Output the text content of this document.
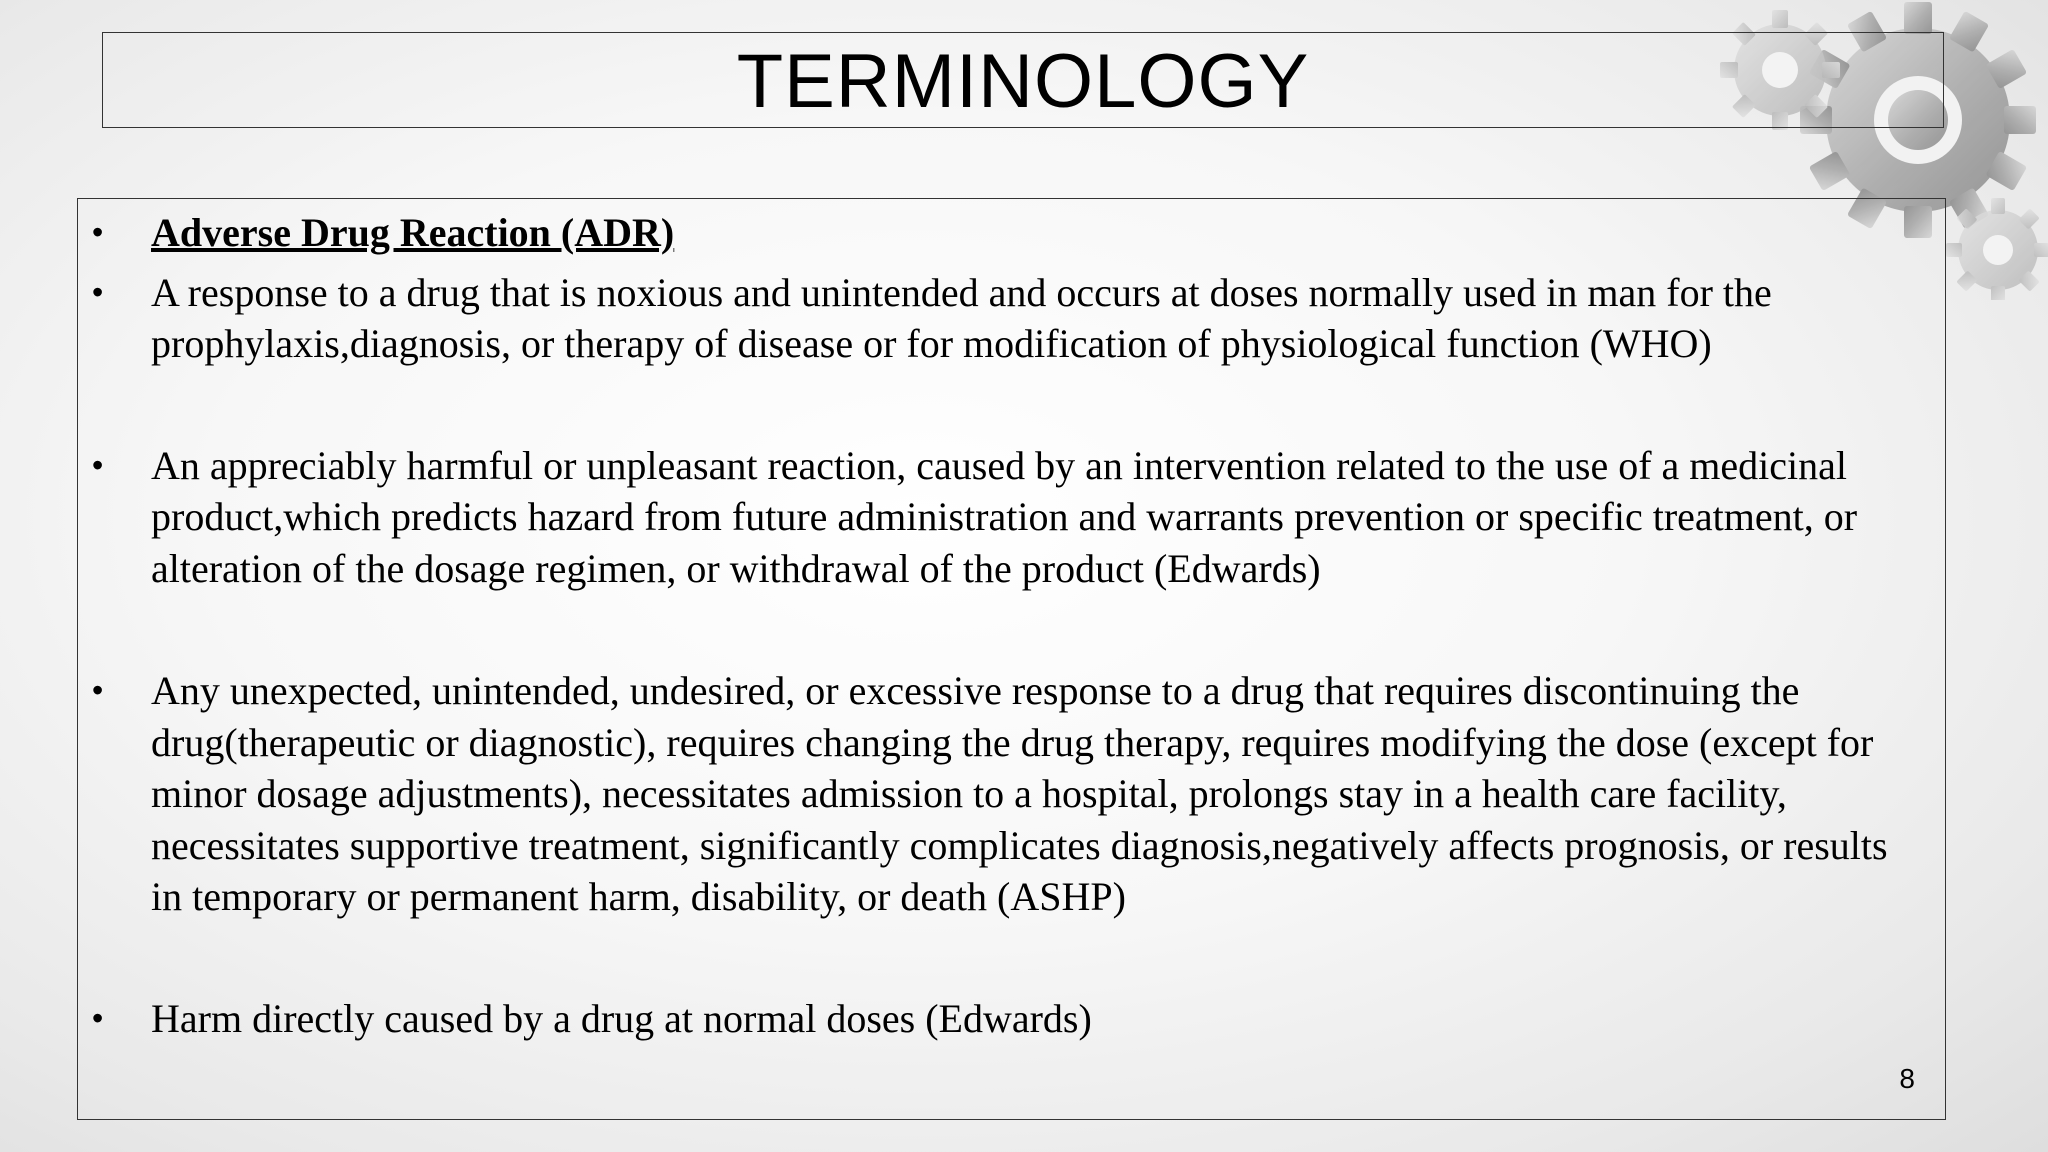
TERMINOLOGY
• Adverse Drug Reaction (ADR)
• A response to a drug that is noxious and unintended and occurs at doses normally used in man for the prophylaxis,diagnosis, or therapy of disease or for modification of physiological function (WHO)
• An appreciably harmful or unpleasant reaction, caused by an intervention related to the use of a medicinal product,which predicts hazard from future administration and warrants prevention or specific treatment, or alteration of the dosage regimen, or withdrawal of the product (Edwards)
• Any unexpected, unintended, undesired, or excessive response to a drug that requires discontinuing the drug(therapeutic or diagnostic), requires changing the drug therapy, requires modifying the dose (except for minor dosage adjustments), necessitates admission to a hospital, prolongs stay in a health care facility, necessitates supportive treatment, significantly complicates diagnosis,negatively affects prognosis, or results in temporary or permanent harm, disability, or death (ASHP)
• Harm directly caused by a drug at normal doses (Edwards)
8
